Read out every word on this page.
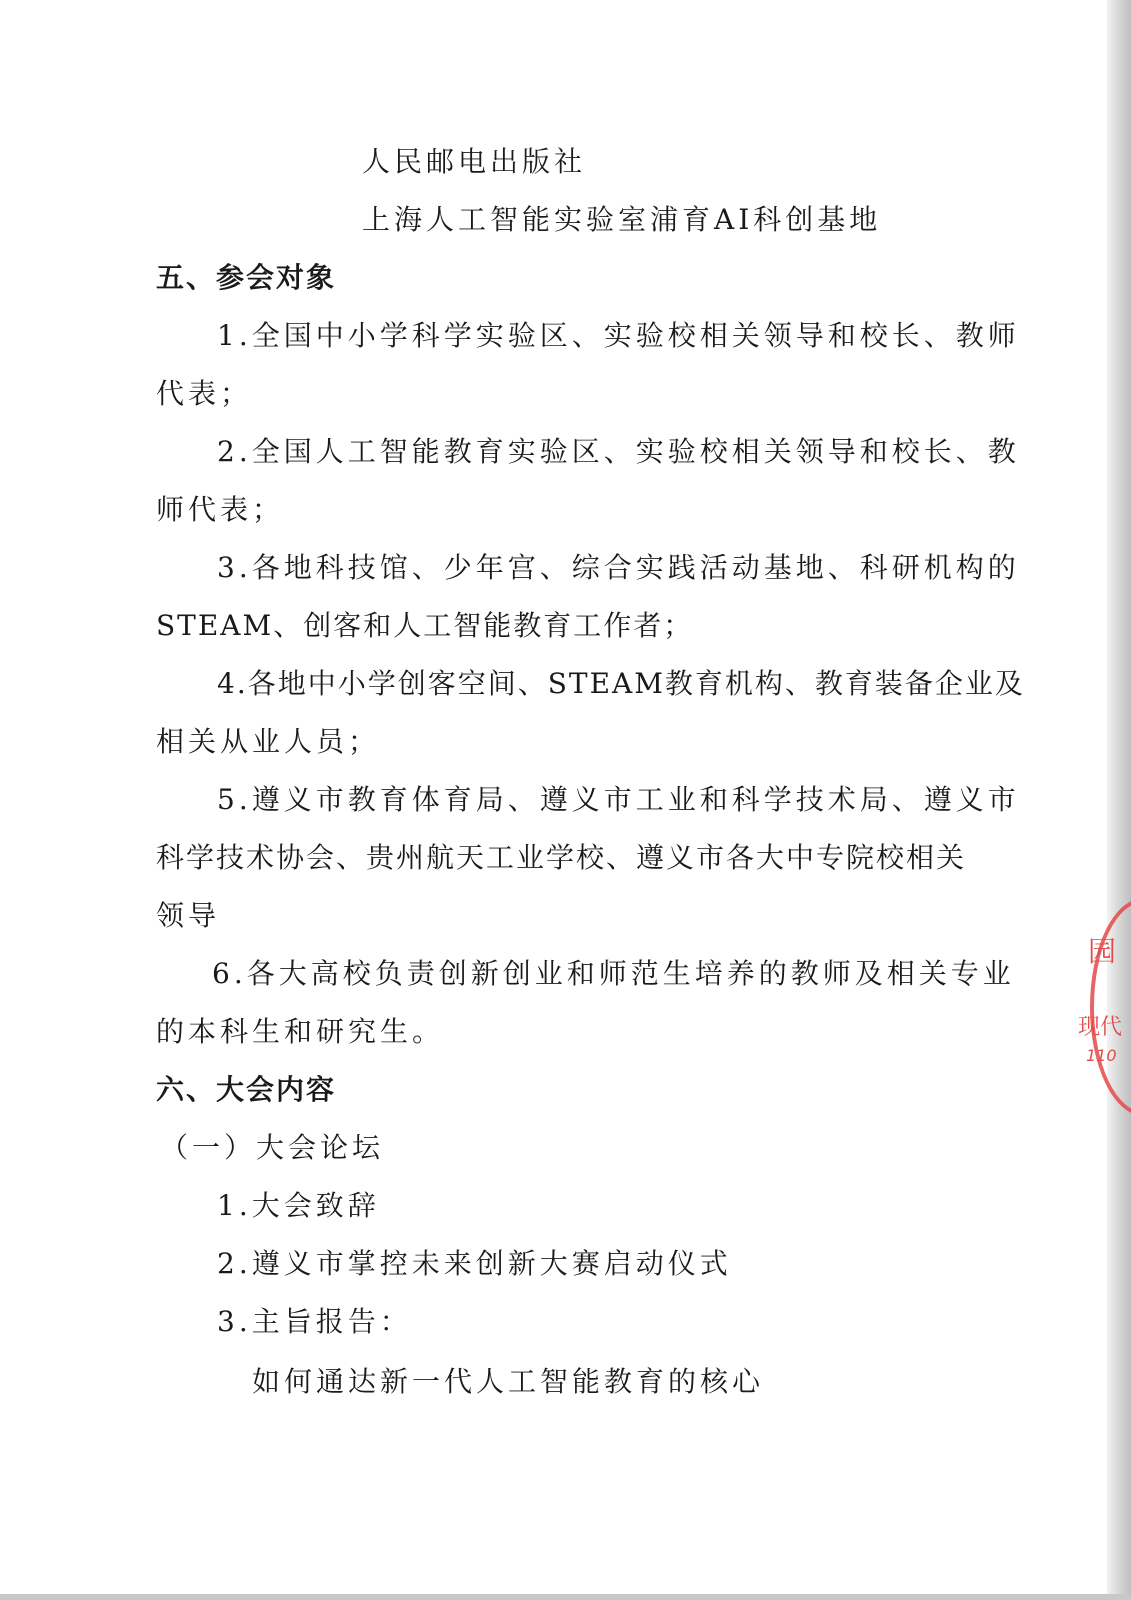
人民邮电出版社
上海人工智能实验室浦育AI科创基地
五、参会对象
1.全国中小学科学实验区、实验校相关领导和校长、教师
代表；
2.全国人工智能教育实验区、实验校相关领导和校长、教
师代表；
3.各地科技馆、少年宫、综合实践活动基地、科研机构的
STEAM、创客和人工智能教育工作者；
4.各地中小学创客空间、STEAM教育机构、教育装备企业及
相关从业人员；
5.遵义市教育体育局、遵义市工业和科学技术局、遵义市
科学技术协会、贵州航天工业学校、遵义市各大中专院校相关
领导
6.各大高校负责创新创业和师范生培养的教师及相关专业
的本科生和研究生。
六、大会内容
（一）大会论坛
1.大会致辞
2.遵义市掌控未来创新大赛启动仪式
3.主旨报告：
如何通达新一代人工智能教育的核心
园
现代
110
